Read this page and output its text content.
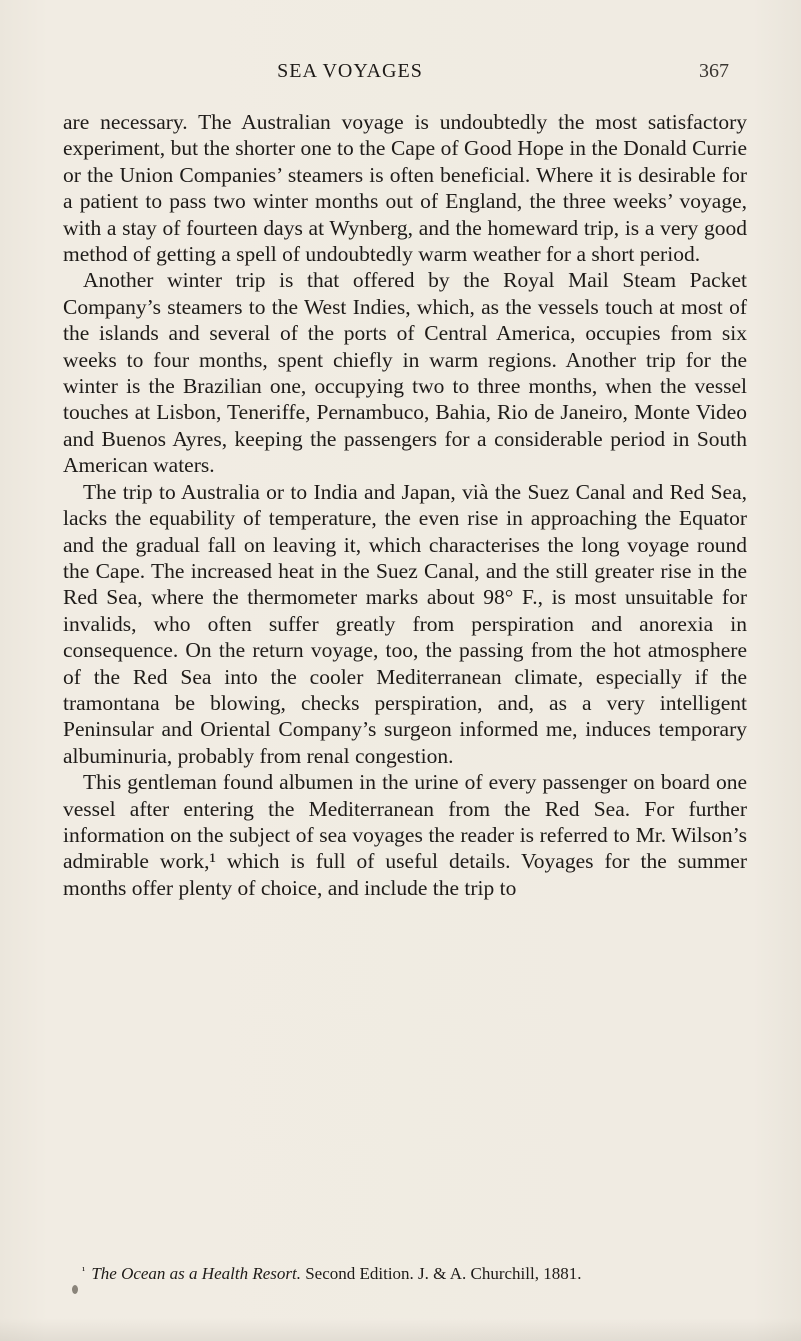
SEA VOYAGES	367

are necessary. The Australian voyage is undoubtedly the most satisfactory experiment, but the shorter one to the Cape of Good Hope in the Donald Currie or the Union Companies’ steamers is often beneficial. Where it is desirable for a patient to pass two winter months out of England, the three weeks’ voyage, with a stay of fourteen days at Wynberg, and the homeward trip, is a very good method of getting a spell of undoubtedly warm weather for a short period.

Another winter trip is that offered by the Royal Mail Steam Packet Company’s steamers to the West Indies, which, as the vessels touch at most of the islands and several of the ports of Central America, occupies from six weeks to four months, spent chiefly in warm regions. Another trip for the winter is the Brazilian one, occupying two to three months, when the vessel touches at Lisbon, Teneriffe, Pernambuco, Bahia, Rio de Janeiro, Monte Video and Buenos Ayres, keeping the passengers for a considerable period in South American waters.

The trip to Australia or to India and Japan, vià the Suez Canal and Red Sea, lacks the equability of temperature, the even rise in approaching the Equator and the gradual fall on leaving it, which characterises the long voyage round the Cape. The increased heat in the Suez Canal, and the still greater rise in the Red Sea, where the thermometer marks about 98° F., is most unsuitable for invalids, who often suffer greatly from perspiration and anorexia in consequence. On the return voyage, too, the passing from the hot atmosphere of the Red Sea into the cooler Mediterranean climate, especially if the tramontana be blowing, checks perspiration, and, as a very intelligent Peninsular and Oriental Company’s surgeon informed me, induces temporary albuminuria, probably from renal congestion.

This gentleman found albumen in the urine of every passenger on board one vessel after entering the Mediterranean from the Red Sea. For further information on the subject of sea voyages the reader is referred to Mr. Wilson’s admirable work,¹ which is full of useful details. Voyages for the summer months offer plenty of choice, and include the trip to

$^{^1}$ The Ocean as a Health Resort. Second Edition. J. & A. Churchill, 1881.
